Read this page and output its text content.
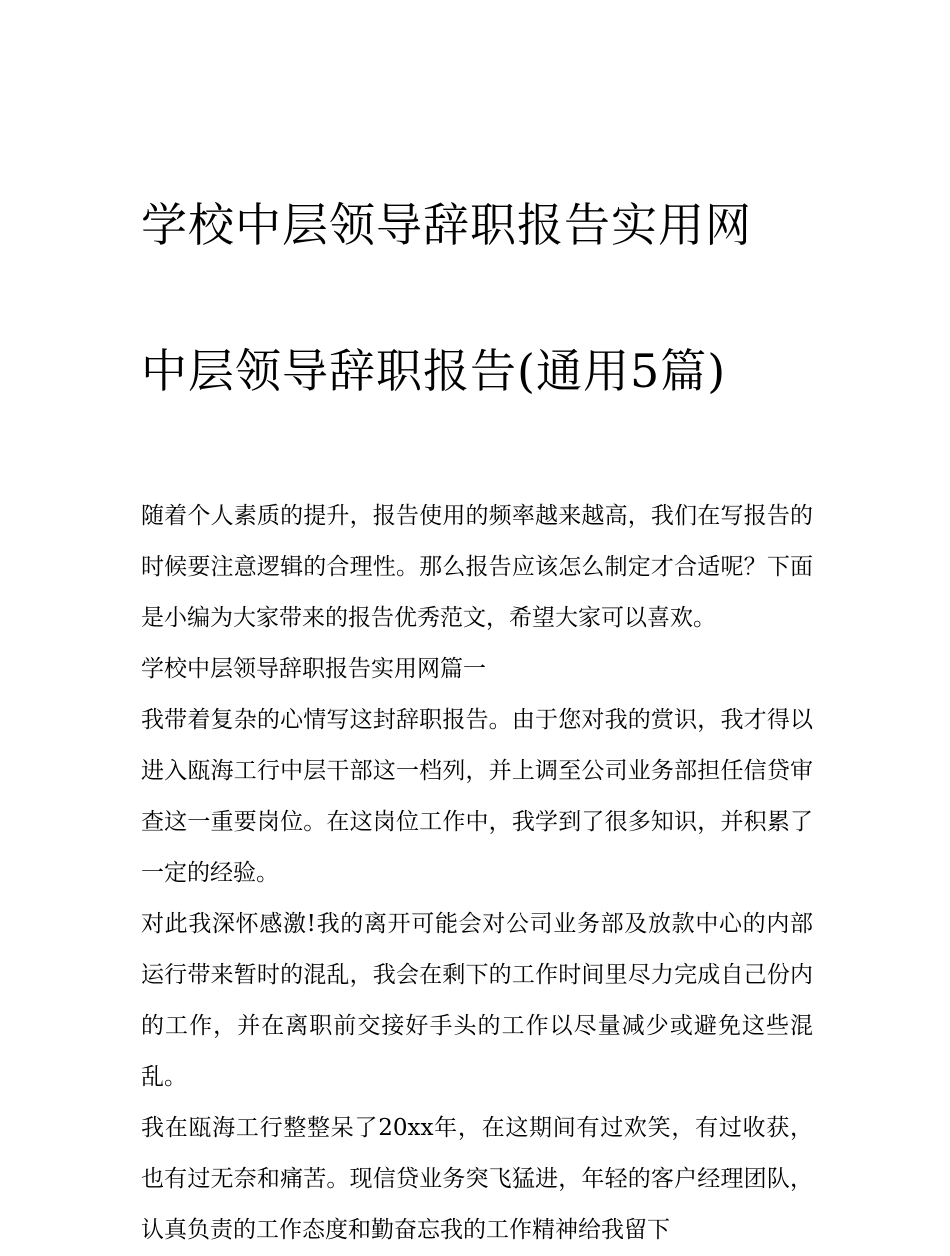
学校中层领导辞职报告实用网

中层领导辞职报告(通用5篇)

随着个人素质的提升，报告使用的频率越来越高，我们在写报告的时候要注意逻辑的合理性。那么报告应该怎么制定才合适呢？下面是小编为大家带来的报告优秀范文，希望大家可以喜欢。

学校中层领导辞职报告实用网篇一

我带着复杂的心情写这封辞职报告。由于您对我的赏识，我才得以进入瓯海工行中层干部这一档列，并上调至公司业务部担任信贷审查这一重要岗位。在这岗位工作中，我学到了很多知识，并积累了一定的经验。

对此我深怀感激!我的离开可能会对公司业务部及放款中心的内部运行带来暂时的混乱，我会在剩下的工作时间里尽力完成自己份内的工作，并在离职前交接好手头的工作以尽量减少或避免这些混乱。

我在瓯海工行整整呆了20xx年，在这期间有过欢笑，有过收获，也有过无奈和痛苦。现信贷业务突飞猛进，年轻的客户经理团队，认真负责的工作态度和勤奋忘我的工作精神给我留下
